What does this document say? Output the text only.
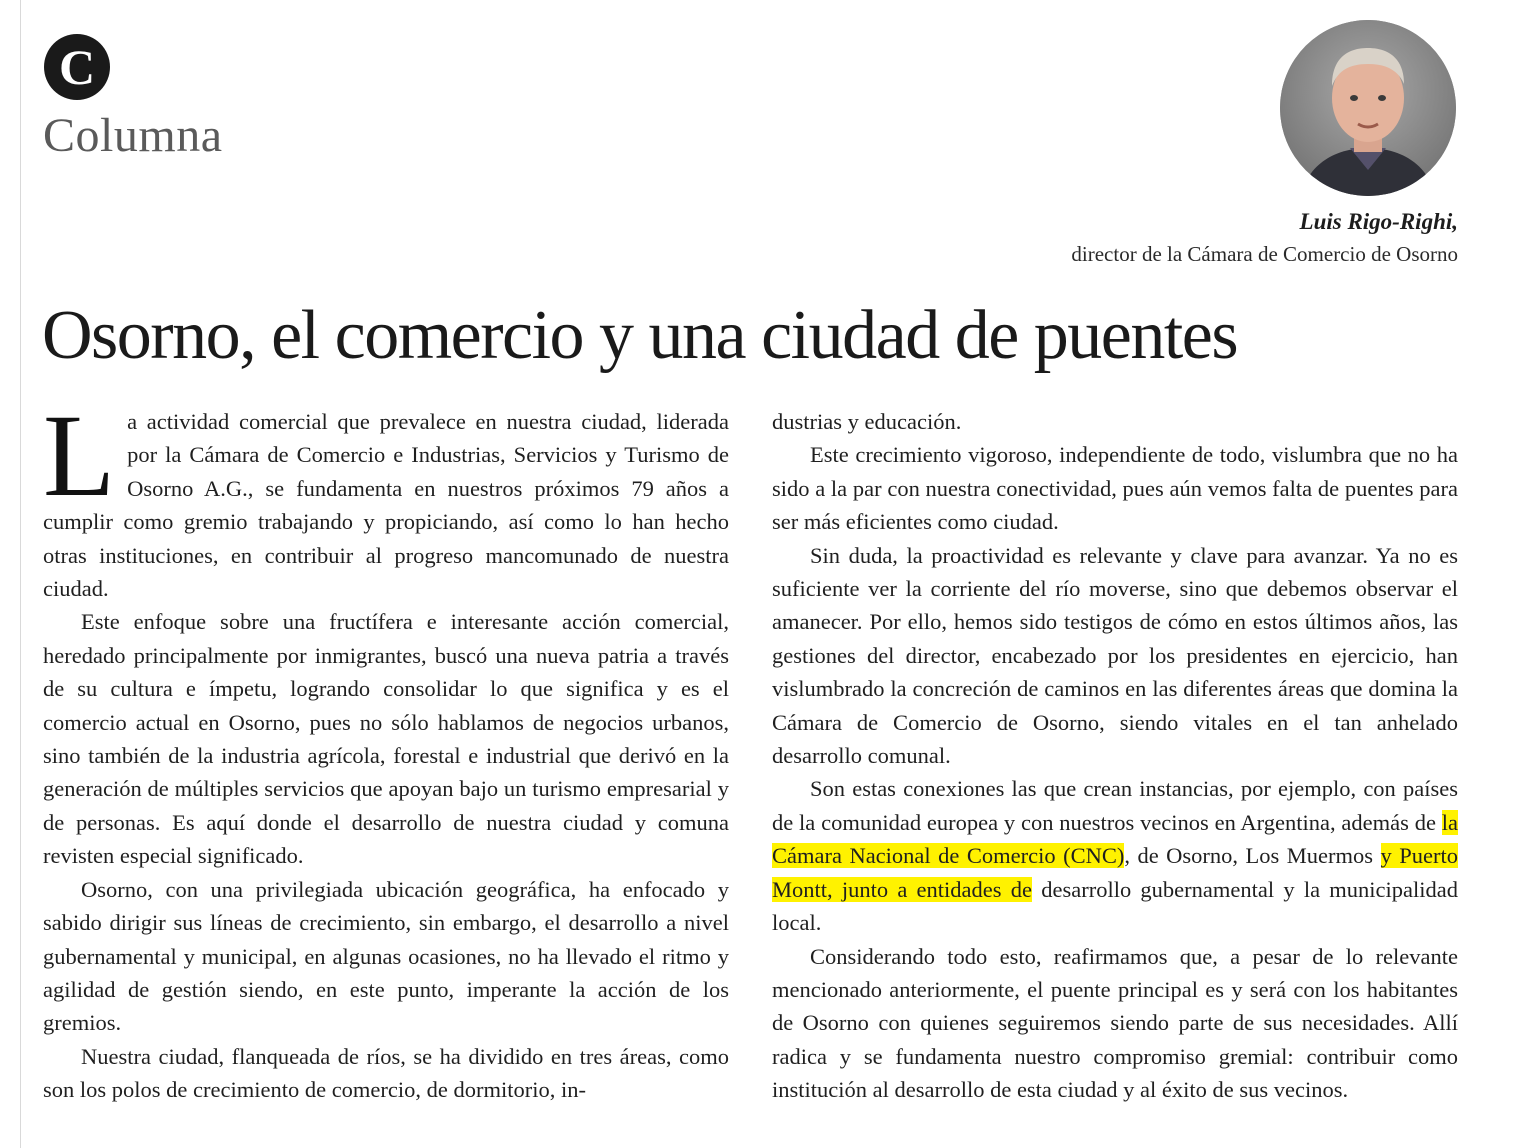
C
Columna
Luis Rigo-Righi,
director de la Cámara de Comercio de Osorno
Osorno, el comercio y una ciudad de puentes

La actividad comercial que prevalece en nuestra ciudad, liderada por la Cámara de Comercio e Industrias, Servicios y Turismo de Osorno A.G., se fundamenta en nuestros próximos 79 años a cumplir como gremio trabajando y propiciando, así como lo han hecho otras instituciones, en contribuir al progreso mancomunado de nuestra ciudad.

Este enfoque sobre una fructífera e interesante acción comercial, heredado principalmente por inmigrantes, buscó una nueva patria a través de su cultura e ímpetu, logrando consolidar lo que significa y es el comercio actual en Osorno, pues no sólo hablamos de negocios urbanos, sino también de la industria agrícola, forestal e industrial que derivó en la generación de múltiples servicios que apoyan bajo un turismo empresarial y de personas. Es aquí donde el desarrollo de nuestra ciudad y comuna revisten especial significado.

Osorno, con una privilegiada ubicación geográfica, ha enfocado y sabido dirigir sus líneas de crecimiento, sin embargo, el desarrollo a nivel gubernamental y municipal, en algunas ocasiones, no ha llevado el ritmo y agilidad de gestión siendo, en este punto, imperante la acción de los gremios.

Nuestra ciudad, flanqueada de ríos, se ha dividido en tres áreas, como son los polos de crecimiento de comercio, de dormitorio, in-

dustrias y educación.

Este crecimiento vigoroso, independiente de todo, vislumbra que no ha sido a la par con nuestra conectividad, pues aún vemos falta de puentes para ser más eficientes como ciudad.

Sin duda, la proactividad es relevante y clave para avanzar. Ya no es suficiente ver la corriente del río moverse, sino que debemos observar el amanecer. Por ello, hemos sido testigos de cómo en estos últimos años, las gestiones del director, encabezado por los presidentes en ejercicio, han vislumbrado la concreción de caminos en las diferentes áreas que domina la Cámara de Comercio de Osorno, siendo vitales en el tan anhelado desarrollo comunal.

Son estas conexiones las que crean instancias, por ejemplo, con países de la comunidad europea y con nuestros vecinos en Argentina, además de la Cámara Nacional de Comercio (CNC), de Osorno, Los Muermos y Puerto Montt, junto a entidades de desarrollo gubernamental y la municipalidad local.

Considerando todo esto, reafirmamos que, a pesar de lo relevante mencionado anteriormente, el puente principal es y será con los habitantes de Osorno con quienes seguiremos siendo parte de sus necesidades. Allí radica y se fundamenta nuestro compromiso gremial: contribuir como institución al desarrollo de esta ciudad y al éxito de sus vecinos.
